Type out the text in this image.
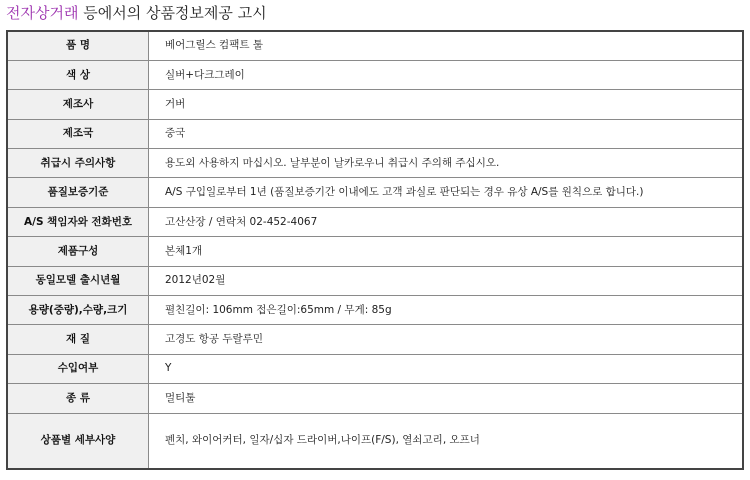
전자상거래 등에서의 상품정보제공 고시
품 명	베어그릴스 컴팩트 툴
색 상	실버+다크그레이
제조사	거버
제조국	중국
취급시 주의사항	용도외 사용하지 마십시오. 날부분이 날카로우니 취급시 주의해 주십시오.
품질보증기준	A/S 구입일로부터 1년 (품질보증기간 이내에도 고객 과실로 판단되는 경우 유상 A/S를 원칙으로 합니다.)
A/S 책임자와 전화번호	고산산장 / 연락처 02-452-4067
제품구성	본체1개
동일모델 출시년월	2012년02월
용량(중량),수량,크기	펼친길이: 106mm 접은길이:65mm / 무게: 85g
재 질	고경도 항공 두랄루민
수입여부	Y
종 류	멀티툴
상품별 세부사양	펜치, 와이어커터, 일자/십자 드라이버,나이프(F/S), 열쇠고리, 오프너
